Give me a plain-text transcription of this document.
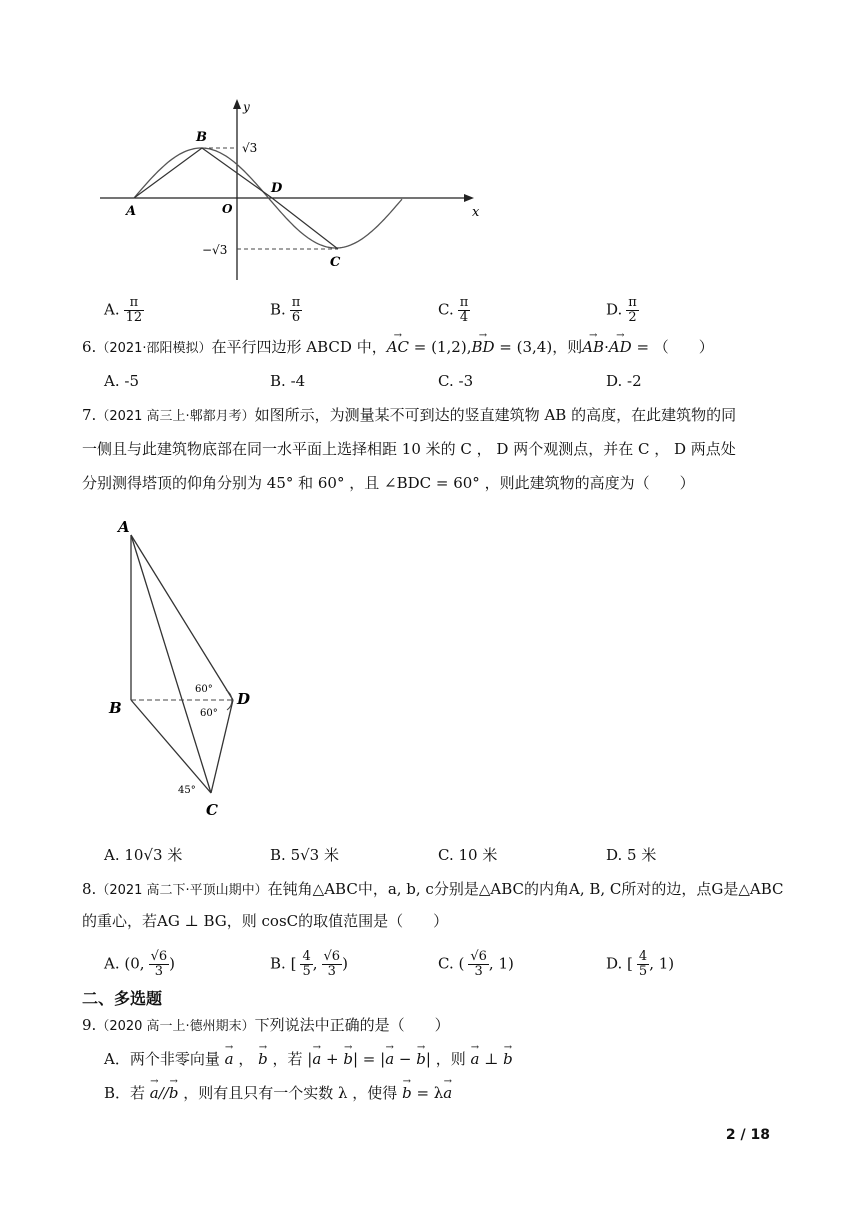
A
B
D
C
O
y
x
√3
−√3
A. $\frac{\pi}{12}$	B. $\frac{\pi}{6}$	C. $\frac{\pi}{4}$	D. $\frac{\pi}{2}$
6.（2021·邵阳模拟）在平行四边形 ABCD 中，→ AC = (1,2),→ BD = (3,4)，则→ AB·→ AD = （　　）
A. -5	B. -4	C. -3	D. -2
7.（2021 高三上·郫都月考）如图所示，为测量某不可到达的竖直建筑物 AB 的高度，在此建筑物的同
一侧且与此建筑物底部在同一水平面上选择相距 10 米的 C ， D 两个观测点，并在 C ， D 两点处
分别测得塔顶的仰角分别为 45° 和 60° ，且 ∠BDC = 60° ，则此建筑物的高度为（　　）
A
B	D
C
60°
60°
45°
A. 10√3 米	B. 5√3 米	C. 10 米	D. 5 米
8.（2021 高二下·平顶山期中）在钝角△ABC中，a, b, c分别是△ABC的内角A, B, C所对的边，点G是△ABC
的重心，若AG ⊥ BG，则 cosC的取值范围是（　　）
A. (0, $\frac{√6}{3}$ )	B. [ $\frac{4}{5}$ , $\frac{√6}{3}$ )	C. ( $\frac{√6}{3}$ , 1)	D. [ $\frac{4}{5}$ , 1)
二、多选题
9.（2020 高一上·德州期末）下列说法中正确的是（　　）
A．两个非零向量 → a ， → b ，若 |→ a + → b| = |→ a − → b| ，则 → a ⊥ → b
B．若 → a//→ b ，则有且只有一个实数 λ ，使得 → b = λ→ a
2 / 18
